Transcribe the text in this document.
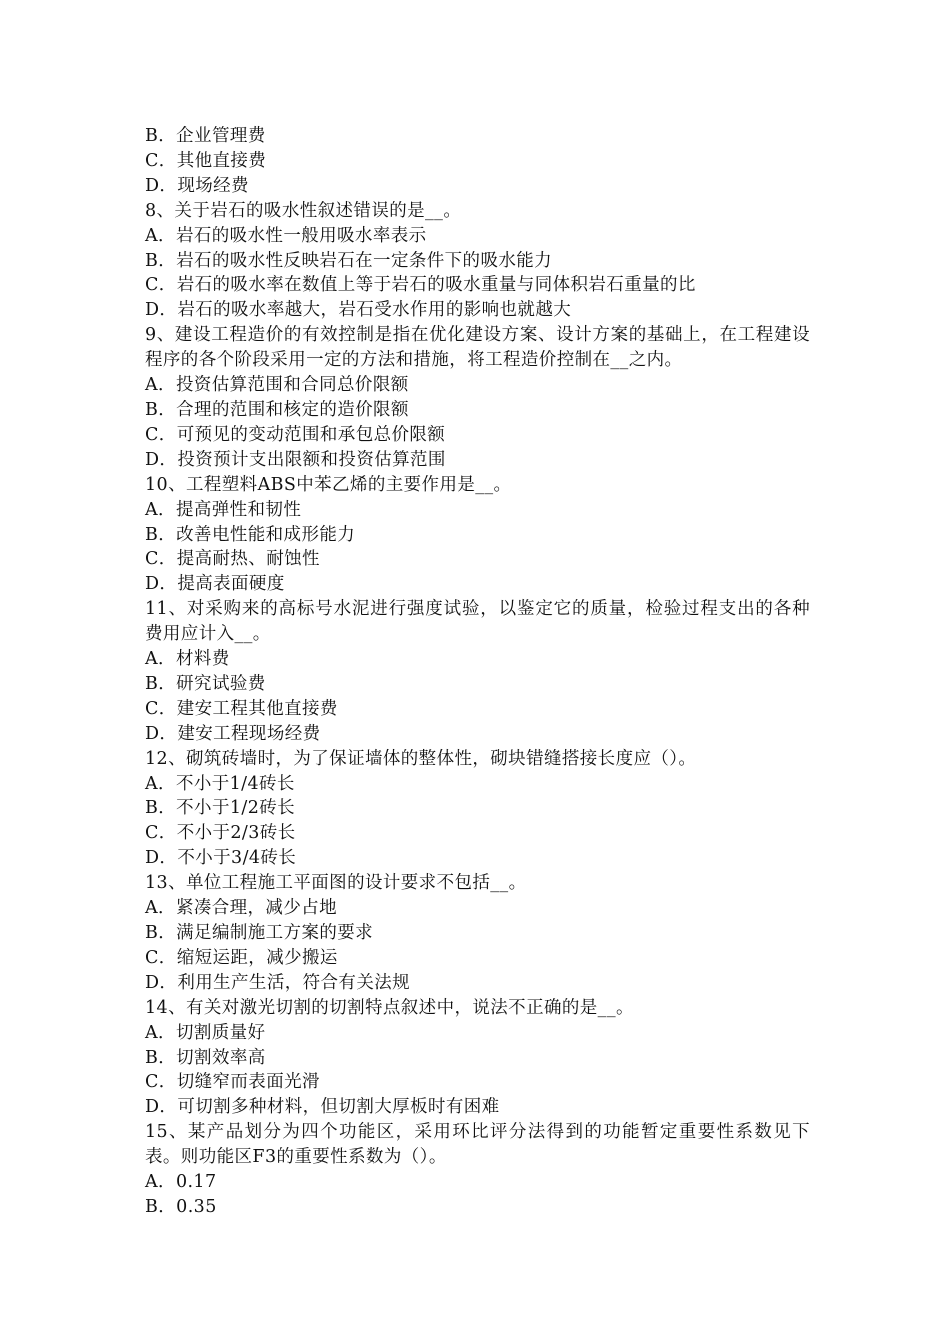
B．企业管理费
C．其他直接费
D．现场经费
8、关于岩石的吸水性叙述错误的是__。
A．岩石的吸水性一般用吸水率表示
B．岩石的吸水性反映岩石在一定条件下的吸水能力
C．岩石的吸水率在数值上等于岩石的吸水重量与同体积岩石重量的比
D．岩石的吸水率越大，岩石受水作用的影响也就越大
9、建设工程造价的有效控制是指在优化建设方案、设计方案的基础上，在工程建设程序的各个阶段采用一定的方法和措施，将工程造价控制在__之内。
A．投资估算范围和合同总价限额
B．合理的范围和核定的造价限额
C．可预见的变动范围和承包总价限额
D．投资预计支出限额和投资估算范围
10、工程塑料ABS中苯乙烯的主要作用是__。
A．提高弹性和韧性
B．改善电性能和成形能力
C．提高耐热、耐蚀性
D．提高表面硬度
11、对采购来的高标号水泥进行强度试验，以鉴定它的质量，检验过程支出的各种费用应计入__。
A．材料费
B．研究试验费
C．建安工程其他直接费
D．建安工程现场经费
12、砌筑砖墙时，为了保证墙体的整体性，砌块错缝搭接长度应（）。
A．不小于1/4砖长
B．不小于1/2砖长
C．不小于2/3砖长
D．不小于3/4砖长
13、单位工程施工平面图的设计要求不包括__。
A．紧凑合理，减少占地
B．满足编制施工方案的要求
C．缩短运距，减少搬运
D．利用生产生活，符合有关法规
14、有关对激光切割的切割特点叙述中，说法不正确的是__。
A．切割质量好
B．切割效率高
C．切缝窄而表面光滑
D．可切割多种材料，但切割大厚板时有困难
15、某产品划分为四个功能区，采用环比评分法得到的功能暂定重要性系数见下表。则功能区F3的重要性系数为（）。
A．0.17
B．0.35
